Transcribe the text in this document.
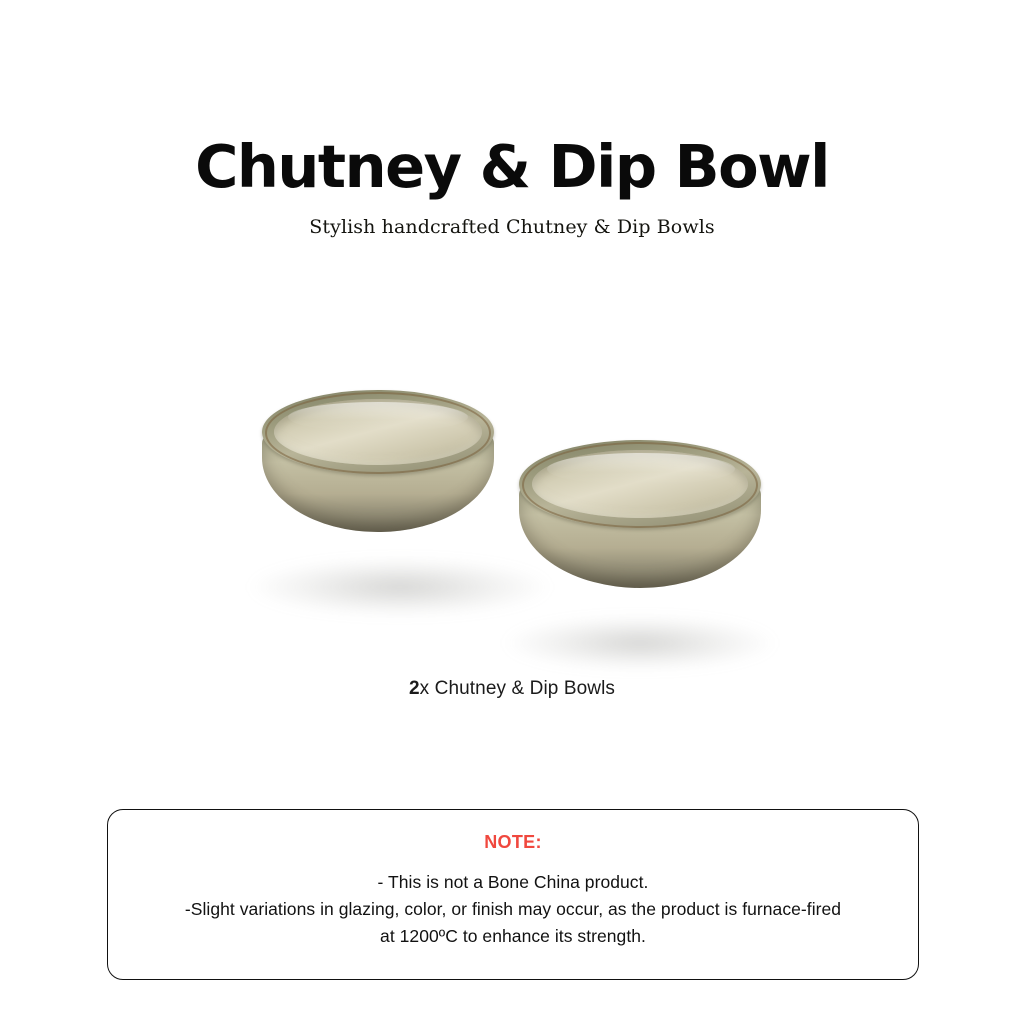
Chutney & Dip Bowl
Stylish handcrafted Chutney & Dip Bowls
2x Chutney & Dip Bowls
NOTE:
- This is not a Bone China product.
-Slight variations in glazing, color, or finish may occur, as the product is furnace-fired
at 1200ºC to enhance its strength.
